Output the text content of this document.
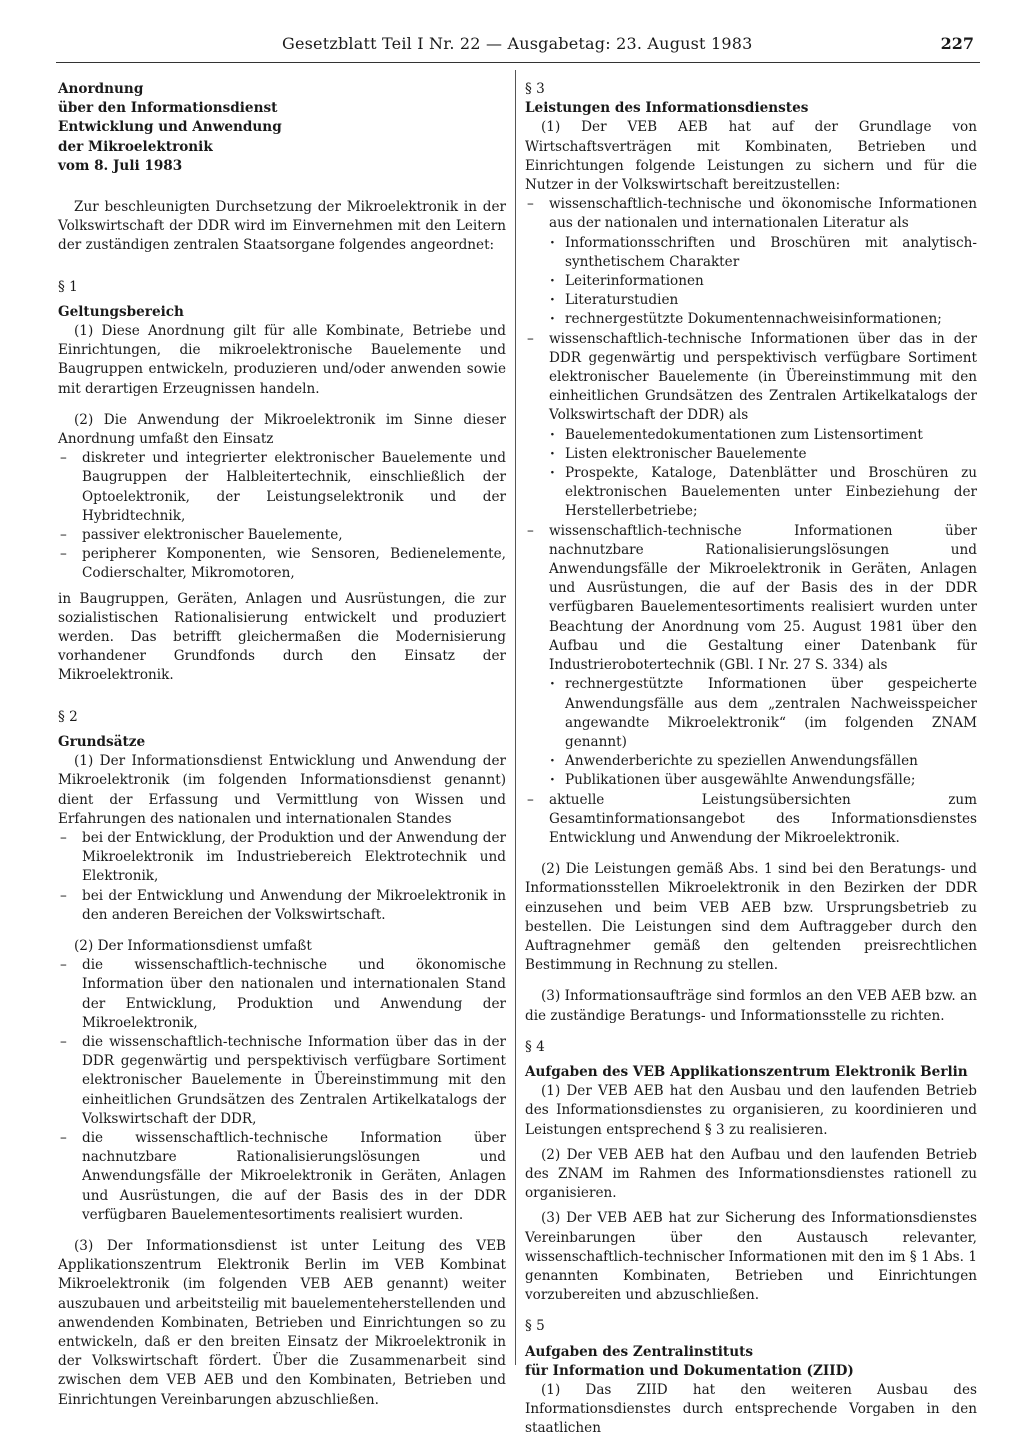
Gesetzblatt Teil I Nr. 22 — Ausgabetag: 23. August 1983	227

Anordnung

über den Informationsdienst

Entwicklung und Anwendung

der Mikroelektronik

vom 8. Juli 1983

Zur beschleunigten Durchsetzung der Mikroelektronik in der Volkswirtschaft der DDR wird im Einvernehmen mit den Leitern der zuständigen zentralen Staatsorgane folgendes angeordnet:

§ 1

Geltungsbereich

(1) Diese Anordnung gilt für alle Kombinate, Betriebe und Einrichtungen, die mikroelektronische Bauelemente und Baugruppen entwickeln, produzieren und/oder anwenden sowie mit derartigen Erzeugnissen handeln.

(2) Die Anwendung der Mikroelektronik im Sinne dieser Anordnung umfaßt den Einsatz

– diskreter und integrierter elektronischer Bauelemente und Baugruppen der Halbleitertechnik, einschließlich der Optoelektronik, der Leistungselektronik und der Hybridtechnik,
– passiver elektronischer Bauelemente,
– peripherer Komponenten, wie Sensoren, Bedienelemente, Codierschalter, Mikromotoren,

in Baugruppen, Geräten, Anlagen und Ausrüstungen, die zur sozialistischen Rationalisierung entwickelt und produziert werden. Das betrifft gleichermaßen die Modernisierung vorhandener Grundfonds durch den Einsatz der Mikroelektronik.

§ 2

Grundsätze

(1) Der Informationsdienst Entwicklung und Anwendung der Mikroelektronik (im folgenden Informationsdienst genannt) dient der Erfassung und Vermittlung von Wissen und Erfahrungen des nationalen und internationalen Standes

– bei der Entwicklung, der Produktion und der Anwendung der Mikroelektronik im Industriebereich Elektrotechnik und Elektronik,
– bei der Entwicklung und Anwendung der Mikroelektronik in den anderen Bereichen der Volkswirtschaft.

(2) Der Informationsdienst umfaßt

– die wissenschaftlich-technische und ökonomische Information über den nationalen und internationalen Stand der Entwicklung, Produktion und Anwendung der Mikroelektronik,
– die wissenschaftlich-technische Information über das in der DDR gegenwärtig und perspektivisch verfügbare Sortiment elektronischer Bauelemente in Übereinstimmung mit den einheitlichen Grundsätzen des Zentralen Artikelkatalogs der Volkswirtschaft der DDR,
– die wissenschaftlich-technische Information über nachnutzbare Rationalisierungslösungen und Anwendungsfälle der Mikroelektronik in Geräten, Anlagen und Ausrüstungen, die auf der Basis des in der DDR verfügbaren Bauelementesortiments realisiert wurden.

(3) Der Informationsdienst ist unter Leitung des VEB Applikationszentrum Elektronik Berlin im VEB Kombinat Mikroelektronik (im folgenden VEB AEB genannt) weiter auszubauen und arbeitsteilig mit bauelementeherstellenden und anwendenden Kombinaten, Betrieben und Einrichtungen so zu entwickeln, daß er den breiten Einsatz der Mikroelektronik in der Volkswirtschaft fördert. Über die Zusammenarbeit sind zwischen dem VEB AEB und den Kombinaten, Betrieben und Einrichtungen Vereinbarungen abzuschließen.

§ 3

Leistungen des Informationsdienstes

(1) Der VEB AEB hat auf der Grundlage von Wirtschaftsverträgen mit Kombinaten, Betrieben und Einrichtungen folgende Leistungen zu sichern und für die Nutzer in der Volkswirtschaft bereitzustellen:

– wissenschaftlich-technische und ökonomische Informationen aus der nationalen und internationalen Literatur als
· Informationsschriften und Broschüren mit analytisch-synthetischem Charakter
· Leiterinformationen
· Literaturstudien
· rechnergestützte Dokumentennachweisinformationen;
– wissenschaftlich-technische Informationen über das in der DDR gegenwärtig und perspektivisch verfügbare Sortiment elektronischer Bauelemente (in Übereinstimmung mit den einheitlichen Grundsätzen des Zentralen Artikelkatalogs der Volkswirtschaft der DDR) als
· Bauelementedokumentationen zum Listensortiment
· Listen elektronischer Bauelemente
· Prospekte, Kataloge, Datenblätter und Broschüren zu elektronischen Bauelementen unter Einbeziehung der Herstellerbetriebe;
– wissenschaftlich-technische Informationen über nachnutzbare Rationalisierungslösungen und Anwendungsfälle der Mikroelektronik in Geräten, Anlagen und Ausrüstungen, die auf der Basis des in der DDR verfügbaren Bauelementesortiments realisiert wurden unter Beachtung der Anordnung vom 25. August 1981 über den Aufbau und die Gestaltung einer Datenbank für Industrierobotertechnik (GBl. I Nr. 27 S. 334) als
· rechnergestützte Informationen über gespeicherte Anwendungsfälle aus dem „zentralen Nachweisspeicher angewandte Mikroelektronik“ (im folgenden ZNAM genannt)
· Anwenderberichte zu speziellen Anwendungsfällen
· Publikationen über ausgewählte Anwendungsfälle;
– aktuelle Leistungsübersichten zum Gesamtinformationsangebot des Informationsdienstes Entwicklung und Anwendung der Mikroelektronik.

(2) Die Leistungen gemäß Abs. 1 sind bei den Beratungs- und Informationsstellen Mikroelektronik in den Bezirken der DDR einzusehen und beim VEB AEB bzw. Ursprungsbetrieb zu bestellen. Die Leistungen sind dem Auftraggeber durch den Auftragnehmer gemäß den geltenden preisrechtlichen Bestimmung in Rechnung zu stellen.

(3) Informationsaufträge sind formlos an den VEB AEB bzw. an die zuständige Beratungs- und Informationsstelle zu richten.

§ 4

Aufgaben des VEB Applikationszentrum Elektronik Berlin

(1) Der VEB AEB hat den Ausbau und den laufenden Betrieb des Informationsdienstes zu organisieren, zu koordinieren und Leistungen entsprechend § 3 zu realisieren.

(2) Der VEB AEB hat den Aufbau und den laufenden Betrieb des ZNAM im Rahmen des Informationsdienstes rationell zu organisieren.

(3) Der VEB AEB hat zur Sicherung des Informationsdienstes Vereinbarungen über den Austausch relevanter, wissenschaftlich-technischer Informationen mit den im § 1 Abs. 1 genannten Kombinaten, Betrieben und Einrichtungen vorzubereiten und abzuschließen.

§ 5

Aufgaben des Zentralinstituts

für Information und Dokumentation (ZIID)

(1) Das ZIID hat den weiteren Ausbau des Informationsdienstes durch entsprechende Vorgaben in den staatlichen
